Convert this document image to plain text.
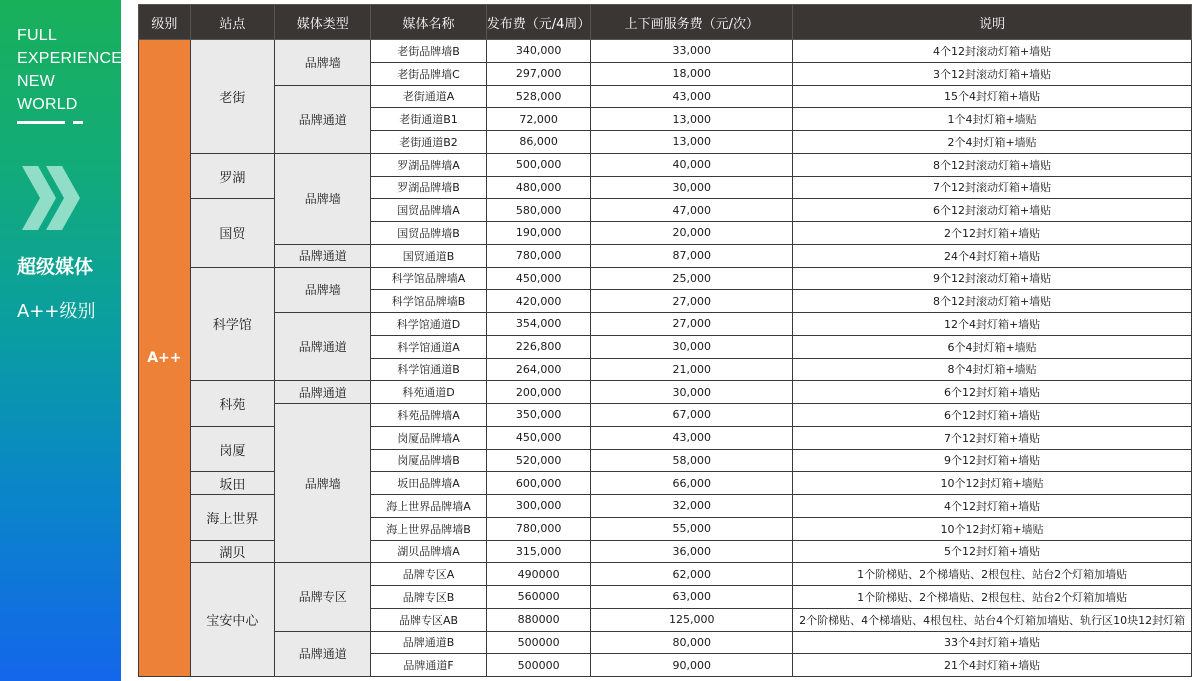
FULL
EXPERIENCE
NEW
WORLD
超级媒体
A++级别
级别	站点	媒体类型	媒体名称	发布费（元/4周）	上下画服务费（元/次）	说明
A++	老街	品牌墙	老街品牌墙B	340,000	33,000	4个12封滚动灯箱+墙贴
			老街品牌墙C	297,000	18,000	3个12封滚动灯箱+墙贴
		品牌通道	老街通道A	528,000	43,000	15个4封灯箱+墙贴
			老街通道B1	72,000	13,000	1个4封灯箱+墙贴
			老街通道B2	86,000	13,000	2个4封灯箱+墙贴
	罗湖	品牌墙	罗湖品牌墙A	500,000	40,000	8个12封滚动灯箱+墙贴
			罗湖品牌墙B	480,000	30,000	7个12封滚动灯箱+墙贴
	国贸		国贸品牌墙A	580,000	47,000	6个12封滚动灯箱+墙贴
			国贸品牌墙B	190,000	20,000	2个12封灯箱+墙贴
		品牌通道	国贸通道B	780,000	87,000	24个4封灯箱+墙贴
	科学馆	品牌墙	科学馆品牌墙A	450,000	25,000	9个12封滚动灯箱+墙贴
			科学馆品牌墙B	420,000	27,000	8个12封滚动灯箱+墙贴
		品牌通道	科学馆通道D	354,000	27,000	12个4封灯箱+墙贴
			科学馆通道A	226,800	30,000	6个4封灯箱+墙贴
			科学馆通道B	264,000	21,000	8个4封灯箱+墙贴
	科苑	品牌通道	科苑通道D	200,000	30,000	6个12封灯箱+墙贴
		品牌墙	科苑品牌墙A	350,000	67,000	6个12封灯箱+墙贴
	岗厦		岗厦品牌墙A	450,000	43,000	7个12封灯箱+墙贴
			岗厦品牌墙B	520,000	58,000	9个12封灯箱+墙贴
	坂田		坂田品牌墙A	600,000	66,000	10个12封灯箱+墙贴
	海上世界		海上世界品牌墙A	300,000	32,000	4个12封灯箱+墙贴
			海上世界品牌墙B	780,000	55,000	10个12封灯箱+墙贴
	湖贝		湖贝品牌墙A	315,000	36,000	5个12封灯箱+墙贴
	宝安中心	品牌专区	品牌专区A	490000	62,000	1个阶梯贴、2个梯墙贴、2根包柱、站台2个灯箱加墙贴
			品牌专区B	560000	63,000	1个阶梯贴、2个梯墙贴、2根包柱、站台2个灯箱加墙贴
			品牌专区AB	880000	125,000	2个阶梯贴、4个梯墙贴、4根包柱、站台4个灯箱加墙贴、轨行区10块12封灯箱
		品牌通道	品牌通道B	500000	80,000	33个4封灯箱+墙贴
			品牌通道F	500000	90,000	21个4封灯箱+墙贴
